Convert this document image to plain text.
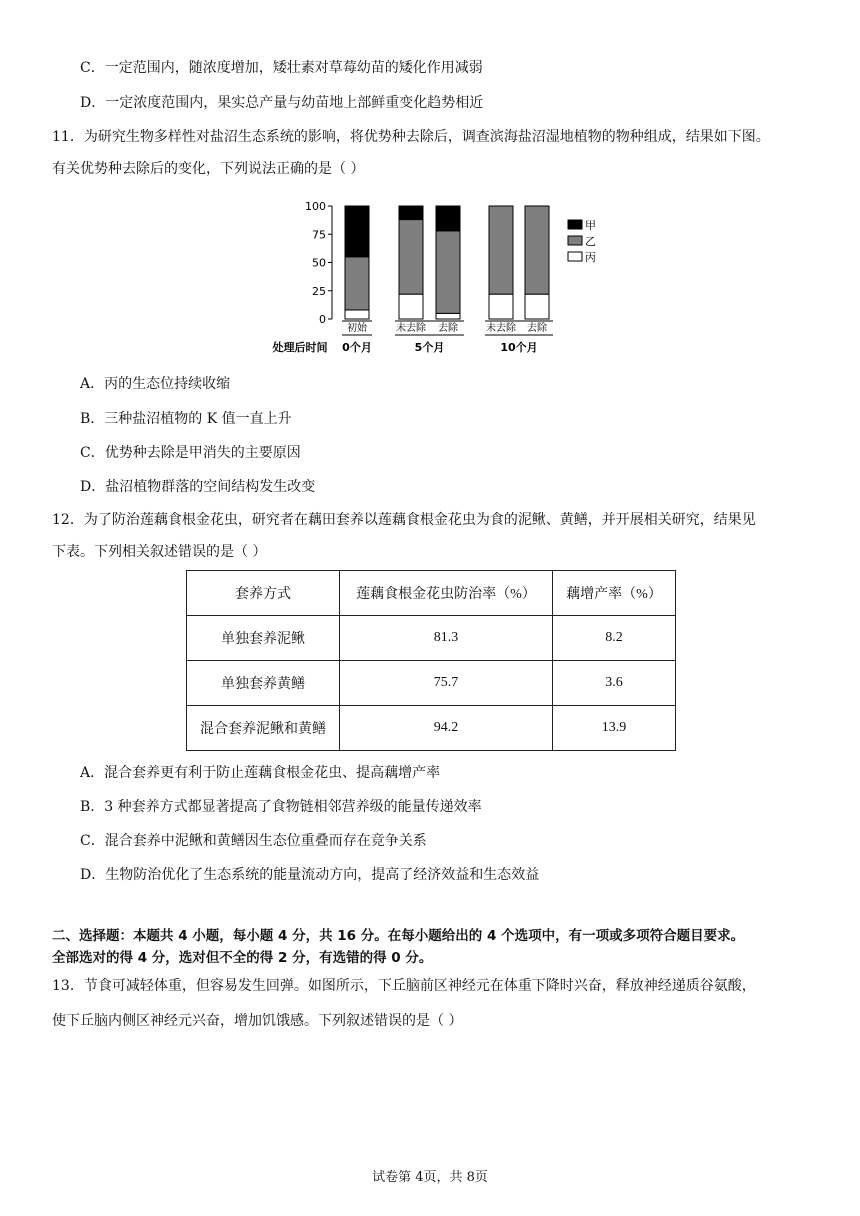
C．一定范围内，随浓度增加，矮壮素对草莓幼苗的矮化作用减弱
D．一定浓度范围内，果实总产量与幼苗地上部鲜重变化趋势相近
11．为研究生物多样性对盐沼生态系统的影响，将优势种去除后，调查滨海盐沼湿地植物的物种组成，结果如下图。
有关优势种去除后的变化，下列说法正确的是（ ）
0
25
50
75
100
甲
乙
丙
初始	未去除 去除	未去除 去除
0个月	5个月	10个月
处理后时间
A．丙的生态位持续收缩
B．三种盐沼植物的 K 值一直上升
C．优势种去除是甲消失的主要原因
D．盐沼植物群落的空间结构发生改变
12．为了防治莲藕食根金花虫，研究者在藕田套养以莲藕食根金花虫为食的泥鳅、黄鳝，并开展相关研究，结果见
下表。下列相关叙述错误的是（ ）
套养方式	莲藕食根金花虫防治率（%）	藕增产率（%）
单独套养泥鳅	81.3	8.2
单独套养黄鳝	75.7	3.6
混合套养泥鳅和黄鳝	94.2	13.9
A．混合套养更有利于防止莲藕食根金花虫、提高藕增产率
B．3 种套养方式都显著提高了食物链相邻营养级的能量传递效率
C．混合套养中泥鳅和黄鳝因生态位重叠而存在竞争关系
D．生物防治优化了生态系统的能量流动方向，提高了经济效益和生态效益
二、选择题：本题共 4 小题，每小题 4 分，共 16 分。在每小题给出的 4 个选项中，有一项或多项符合题目要求。
全部选对的得 4 分，选对但不全的得 2 分，有选错的得 0 分。
13．节食可减轻体重，但容易发生回弹。如图所示，下丘脑前区神经元在体重下降时兴奋，释放神经递质谷氨酸，
使下丘脑内侧区神经元兴奋，增加饥饿感。下列叙述错误的是（ ）
试卷第 4页，共 8页
